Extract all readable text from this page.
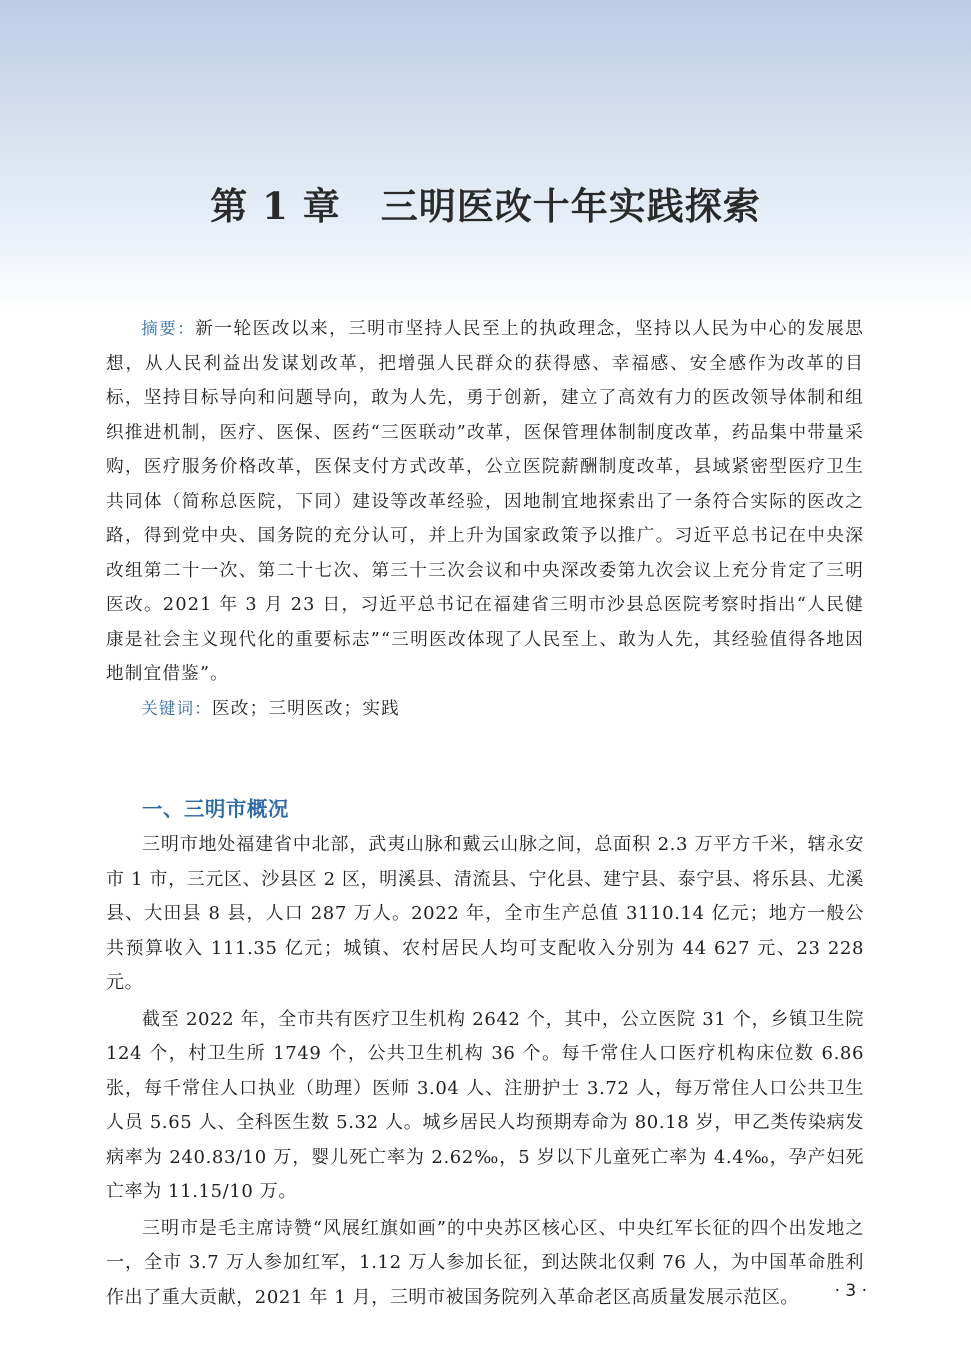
第 1 章 三明医改十年实践探索

摘要：新一轮医改以来，三明市坚持人民至上的执政理念，坚持以人民为中心的发展思想，从人民利益出发谋划改革，把增强人民群众的获得感、幸福感、安全感作为改革的目标，坚持目标导向和问题导向，敢为人先，勇于创新，建立了高效有力的医改领导体制和组织推进机制，医疗、医保、医药“三医联动”改革，医保管理体制制度改革，药品集中带量采购，医疗服务价格改革，医保支付方式改革，公立医院薪酬制度改革，县域紧密型医疗卫生共同体（简称总医院，下同）建设等改革经验，因地制宜地探索出了一条符合实际的医改之路，得到党中央、国务院的充分认可，并上升为国家政策予以推广。习近平总书记在中央深改组第二十一次、第二十七次、第三十三次会议和中央深改委第九次会议上充分肯定了三明医改。2021 年 3 月 23 日，习近平总书记在福建省三明市沙县总医院考察时指出“人民健康是社会主义现代化的重要标志”“三明医改体现了人民至上、敢为人先，其经验值得各地因地制宜借鉴”。

关键词：医改；三明医改；实践

一、三明市概况

三明市地处福建省中北部，武夷山脉和戴云山脉之间，总面积 2.3 万平方千米，辖永安市 1 市，三元区、沙县区 2 区，明溪县、清流县、宁化县、建宁县、泰宁县、将乐县、尤溪县、大田县 8 县，人口 287 万人。2022 年，全市生产总值 3110.14 亿元；地方一般公共预算收入 111.35 亿元；城镇、农村居民人均可支配收入分别为 44 627 元、23 228 元。

截至 2022 年，全市共有医疗卫生机构 2642 个，其中，公立医院 31 个，乡镇卫生院 124 个，村卫生所 1749 个，公共卫生机构 36 个。每千常住人口医疗机构床位数 6.86 张，每千常住人口执业（助理）医师 3.04 人、注册护士 3.72 人，每万常住人口公共卫生人员 5.65 人、全科医生数 5.32 人。城乡居民人均预期寿命为 80.18 岁，甲乙类传染病发病率为 240.83/10 万，婴儿死亡率为 2.62‰，5 岁以下儿童死亡率为 4.4‰，孕产妇死亡率为 11.15/10 万。

三明市是毛主席诗赞“风展红旗如画”的中央苏区核心区、中央红军长征的四个出发地之一，全市 3.7 万人参加红军，1.12 万人参加长征，到达陕北仅剩 76 人，为中国革命胜利作出了重大贡献，2021 年 1 月，三明市被国务院列入革命老区高质量发展示范区。	· 3 ·
